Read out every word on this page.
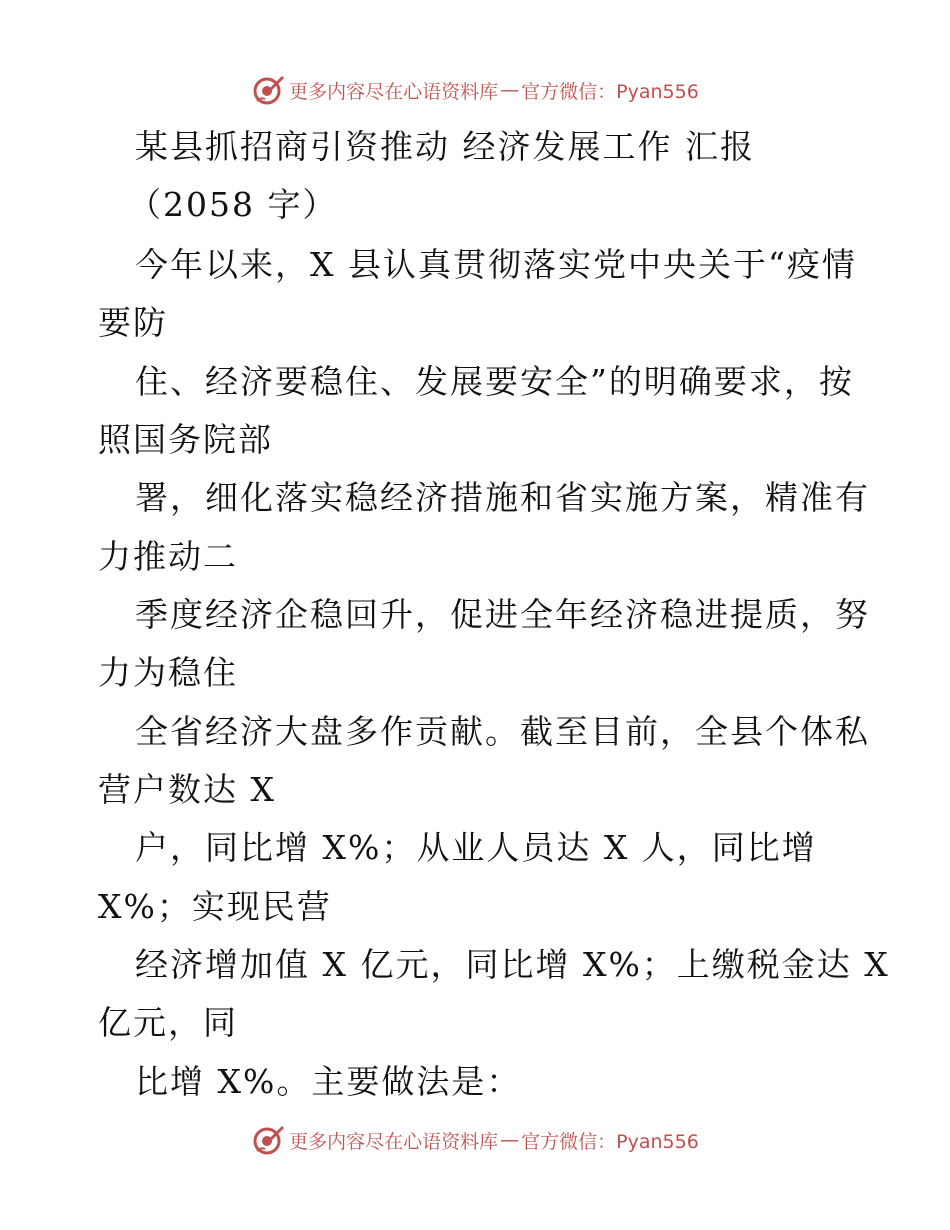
更多内容尽在心语资料库 — 官方微信：Pyan556
某县抓招商引资推动 经济发展工作 汇报
（2058 字）
今年以来，X 县认真贯彻落实党中央关于“疫情
要防
住、经济要稳住、发展要安全”的明确要求，按
照国务院部
署，细化落实稳经济措施和省实施方案，精准有
力推动二
季度经济企稳回升，促进全年经济稳进提质，努
力为稳住
全省经济大盘多作贡献。截至目前，全县个体私
营户数达 X
户，同比增 X%；从业人员达 X 人，同比增
X%；实现民营
经济增加值 X 亿元，同比增 X%；上缴税金达 X
亿元，同
比增 X%。主要做法是：
更多内容尽在心语资料库 — 官方微信：Pyan556
